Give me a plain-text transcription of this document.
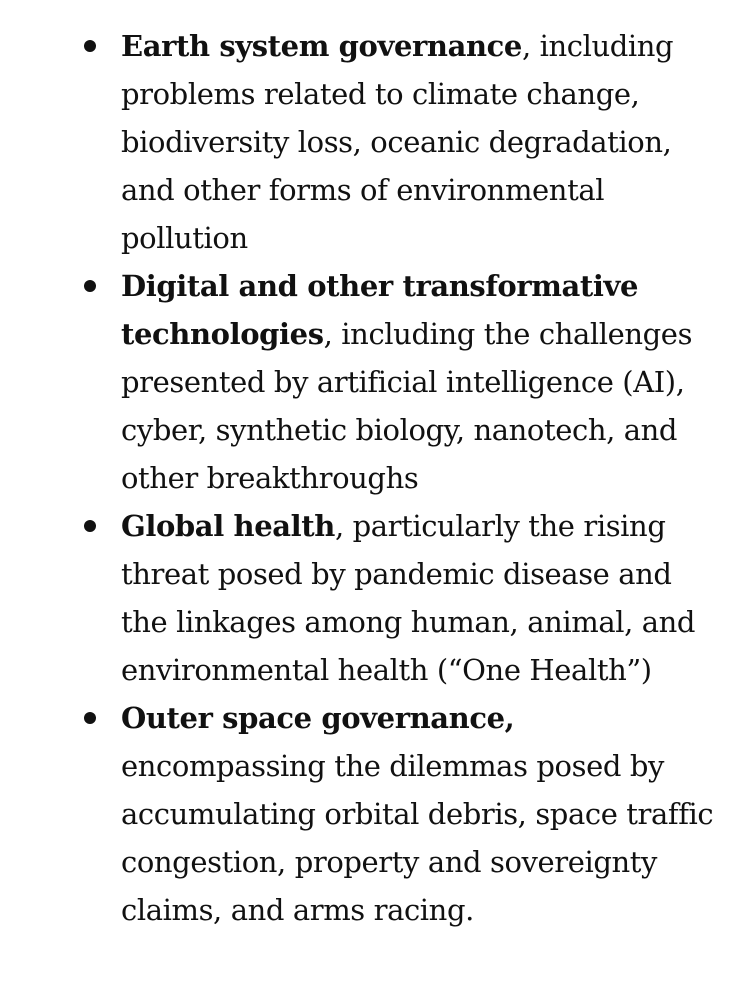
Earth system governance, including problems related to climate change, biodiversity loss, oceanic degradation, and other forms of environmental pollution
Digital and other transformative technologies, including the challenges presented by artificial intelligence (AI), cyber, synthetic biology, nanotech, and other breakthroughs
Global health, particularly the rising threat posed by pandemic disease and the linkages among human, animal, and environmental health (“One Health”)
Outer space governance, encompassing the dilemmas posed by accumulating orbital debris, space traffic congestion, property and sovereignty claims, and arms racing.
